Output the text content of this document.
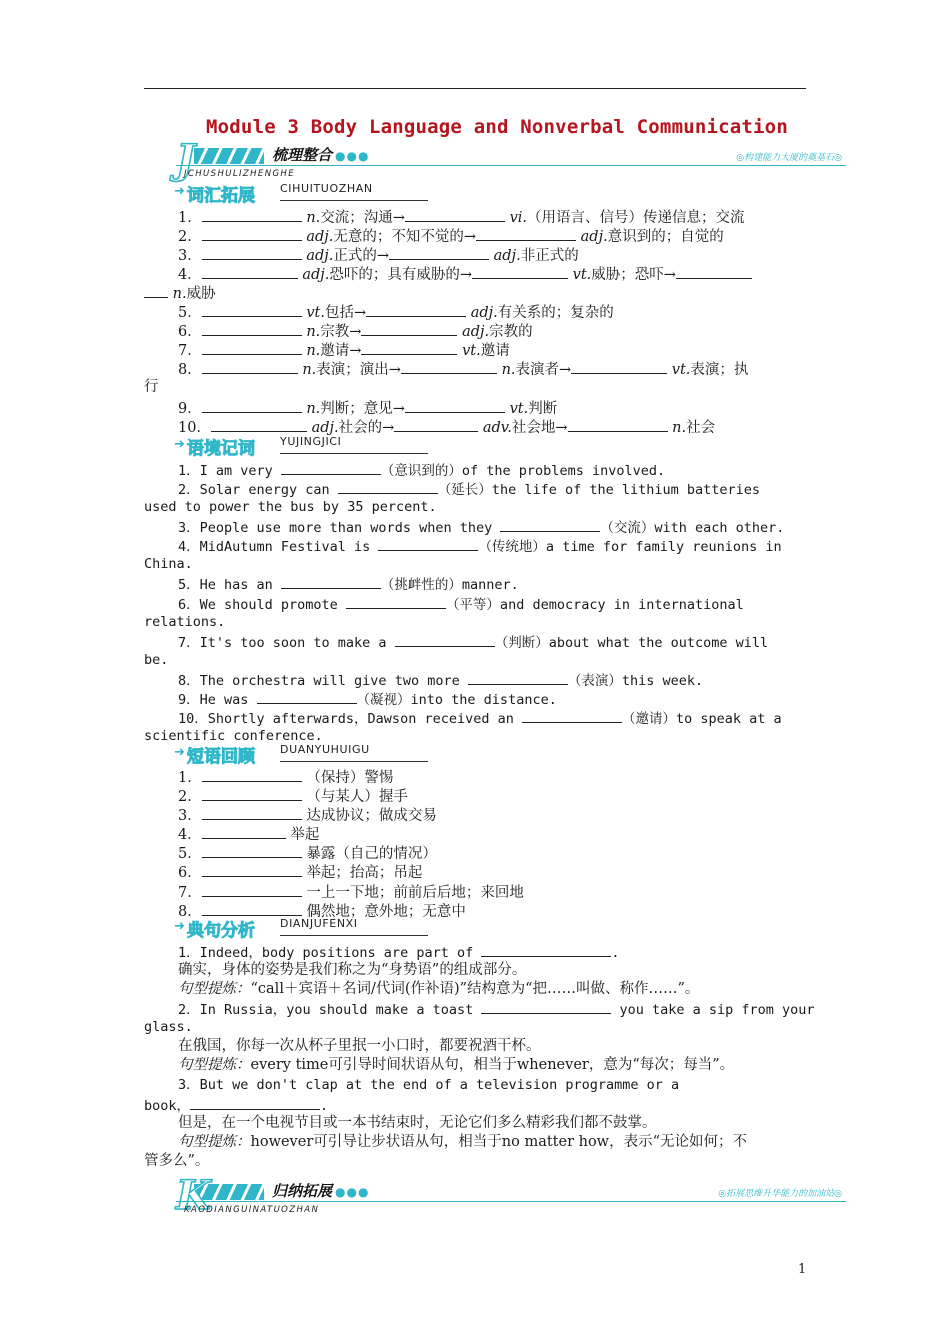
Module 3 Body Language and Nonverbal Communication
J	梳理整合 ●●●
JCHUSHULIZHENGHE
◎构建能力大厦的奠基石◎
➜ 词汇拓展 CIHUITUOZHAN
1．	n.交流；沟通→	vi.（用语言、信号）传递信息；交流
2．	adj.无意的；不知不觉的→	adj.意识到的；自觉的
3．	adj.正式的→	adj.非正式的
4．	adj.恐吓的；具有威胁的→	vt.威胁；恐吓→
n.威胁
5．	vt.包括→	adj.有关系的；复杂的
6．	n.宗教→	adj.宗教的
7．	n.邀请→	vt.邀请
8．	n.表演；演出→	n.表演者→	vt.表演；执
行
9．	n.判断；意见→	vt.判断
10．	adj.社会的→	adv.社会地→	n.社会
➜ 语境记词 YUJINGJICI
1．I am very	（意识到的）of the problems involved.
2．Solar energy can	（延长）the life of the lithium batteries
used to power the bus by 35 percent.
3．People use more than words when they	（交流）with each other.
4．MidAutumn Festival is	（传统地）a time for family reunions in
China.
5．He has an	（挑衅性的）manner.
6．We should promote	（平等）and democracy in international
relations.
7．It's too soon to make a	（判断）about what the outcome will
be.
8．The orchestra will give two more	（表演）this week.
9．He was	（凝视）into the distance.
10．Shortly afterwards，Dawson received an	（邀请）to speak at a
scientific conference.
➜ 短语回顾 DUANYUHUIGU
1．	（保持）警惕
2．	（与某人）握手
3．	达成协议；做成交易
4．	举起
5．	暴露（自己的情况）
6．	举起；抬高；吊起
7．	一上一下地；前前后后地；来回地
8．	偶然地；意外地；无意中
➜ 典句分析 DIANJUFENXI
1．Indeed，body positions are part of	.
确实，身体的姿势是我们称之为“身势语”的组成部分。
句型提炼：“call＋宾语＋名词/代词(作补语)”结构意为“把……叫做、称作……”。
2．In Russia，you should make a toast	you take a sip from your
glass.
在俄国，你每一次从杯子里抿一小口时，都要祝酒干杯。
句型提炼：every time可引导时间状语从句，相当于whenever，意为“每次；每当”。
3．But we don't clap at the end of a television programme or a
book，	.
但是，在一个电视节目或一本书结束时，无论它们多么精彩我们都不鼓掌。
句型提炼：however可引导让步状语从句，相当于no matter how，表示“无论如何；不
管多么”。
K	归纳拓展 ●●●
KAODIANGUINATUOZHAN
◎拓展思维升华能力的加油站◎
1
